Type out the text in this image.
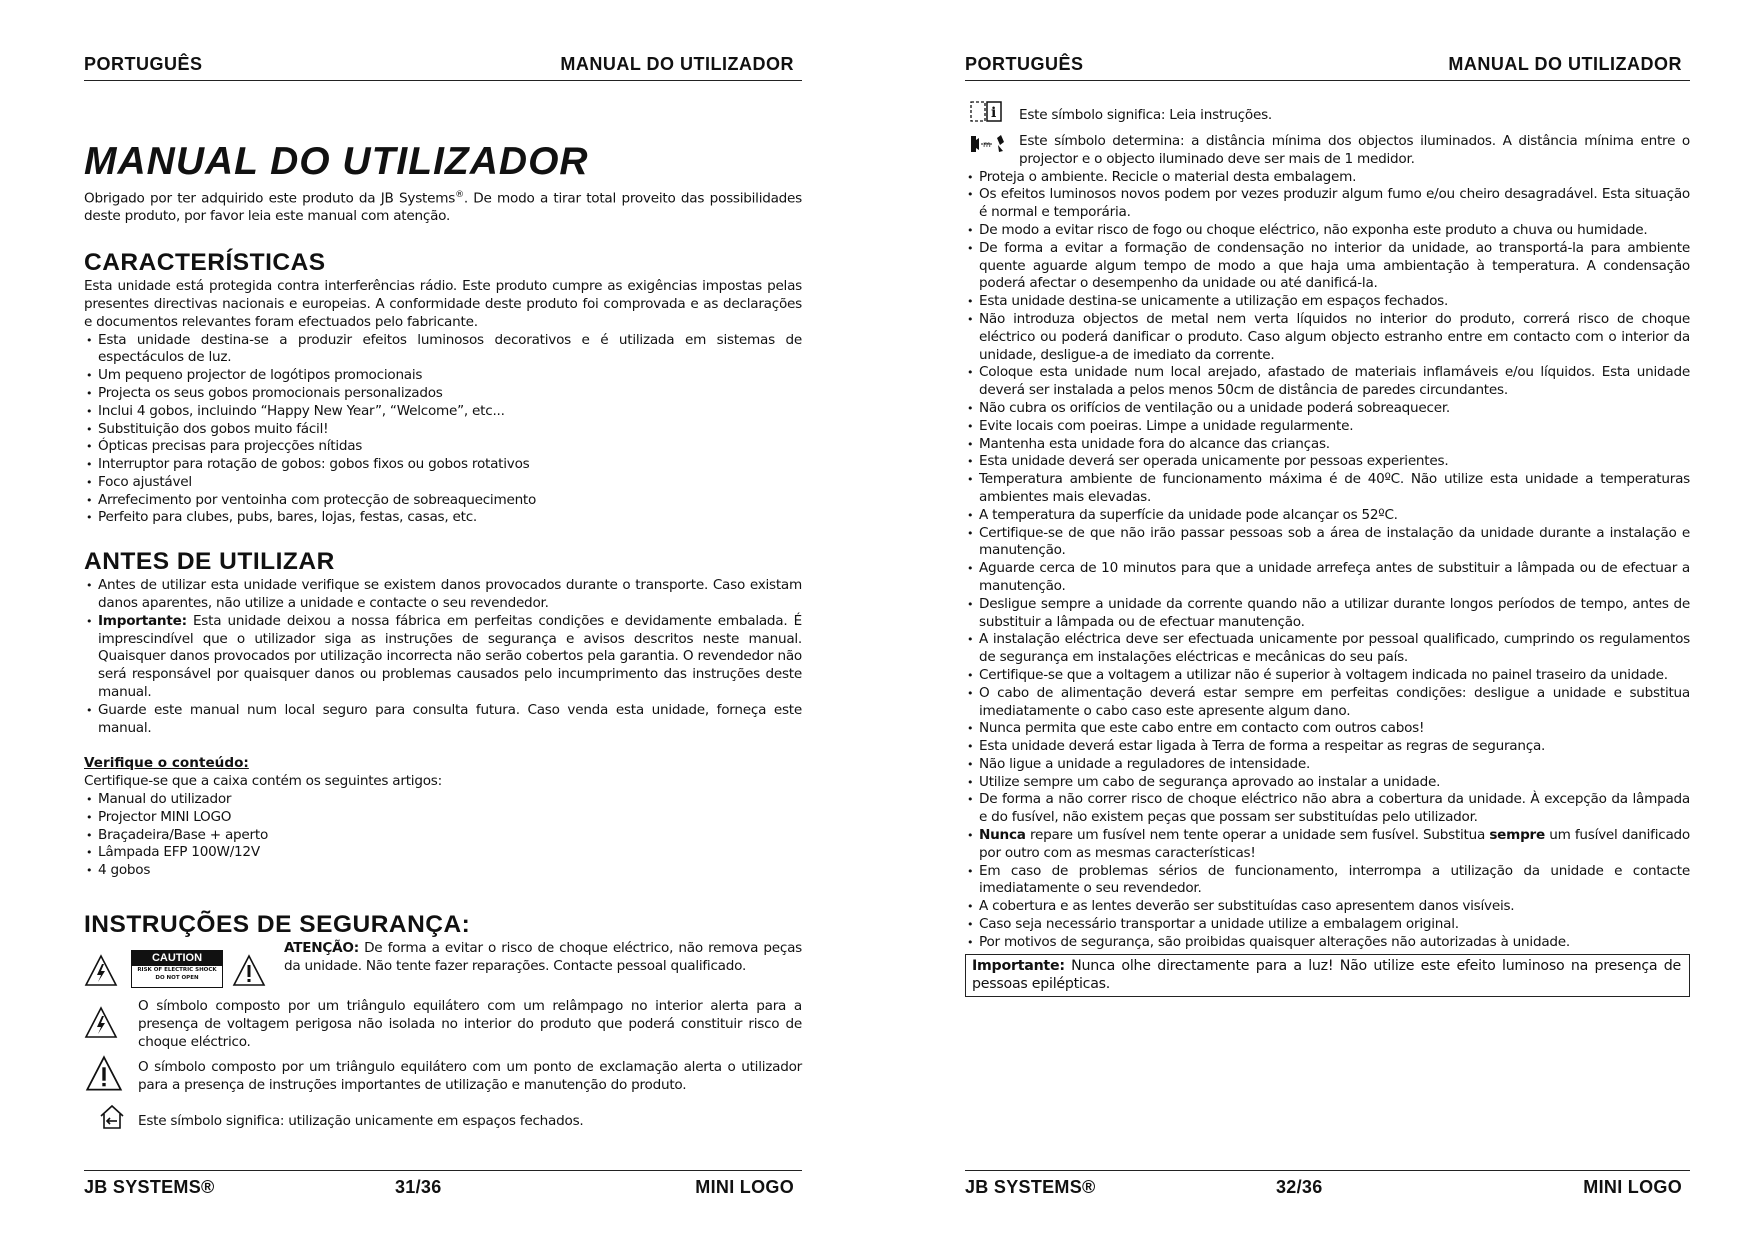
PORTUGUÊS	MANUAL DO UTILIZADOR
MANUAL DO UTILIZADOR

Obrigado por ter adquirido este produto da JB Systems®. De modo a tirar total proveito das possibilidades deste produto, por favor leia este manual com atenção.

CARACTERÍSTICAS

Esta unidade está protegida contra interferências rádio. Este produto cumpre as exigências impostas pelas presentes directivas nacionais e europeias. A conformidade deste produto foi comprovada e as declarações e documentos relevantes foram efectuados pelo fabricante.

• Esta unidade destina-se a produzir efeitos luminosos decorativos e é utilizada em sistemas de espectáculos de luz.
• Um pequeno projector de logótipos promocionais
• Projecta os seus gobos promocionais personalizados
• Inclui 4 gobos, incluindo “Happy New Year”, “Welcome”, etc...
• Substituição dos gobos muito fácil!
• Ópticas precisas para projecções nítidas
• Interruptor para rotação de gobos: gobos fixos ou gobos rotativos
• Foco ajustável
• Arrefecimento por ventoinha com protecção de sobreaquecimento
• Perfeito para clubes, pubs, bares, lojas, festas, casas, etc.
ANTES DE UTILIZAR
• Antes de utilizar esta unidade verifique se existem danos provocados durante o transporte. Caso existam danos aparentes, não utilize a unidade e contacte o seu revendedor.
• Importante: Esta unidade deixou a nossa fábrica em perfeitas condições e devidamente embalada. É imprescindível que o utilizador siga as instruções de segurança e avisos descritos neste manual. Quaisquer danos provocados por utilização incorrecta não serão cobertos pela garantia. O revendedor não será responsável por quaisquer danos ou problemas causados pelo incumprimento das instruções deste manual.
• Guarde este manual num local seguro para consulta futura. Caso venda esta unidade, forneça este manual.
Verifique o conteúdo:

Certifique-se que a caixa contém os seguintes artigos:

• Manual do utilizador
• Projector MINI LOGO
• Braçadeira/Base + aperto
• Lâmpada EFP 100W/12V
• 4 gobos
INSTRUÇÕES DE SEGURANÇA:
CAUTION
RISK OF ELECTRIC SHOCK
DO NOT OPEN

ATENÇÃO: De forma a evitar o risco de choque eléctrico, não remova peças da unidade. Não tente fazer reparações. Contacte pessoal qualificado.

O símbolo composto por um triângulo equilátero com um relâmpago no interior alerta para a presença de voltagem perigosa não isolada no interior do produto que poderá constituir risco de choque eléctrico.

O símbolo composto por um triângulo equilátero com um ponto de exclamação alerta o utilizador para a presença de instruções importantes de utilização e manutenção do produto.

Este símbolo significa: utilização unicamente em espaços fechados.

JB SYSTEMS®	31/36	MINI LOGO
PORTUGUÊS	MANUAL DO UTILIZADOR
i Este símbolo significa: Leia instruções.

m Este símbolo determina: a distância mínima dos objectos iluminados. A distância mínima entre o projector e o objecto iluminado deve ser mais de 1 medidor.

• Proteja o ambiente. Recicle o material desta embalagem.
• Os efeitos luminosos novos podem por vezes produzir algum fumo e/ou cheiro desagradável. Esta situação é normal e temporária.
• De modo a evitar risco de fogo ou choque eléctrico, não exponha este produto a chuva ou humidade.
• De forma a evitar a formação de condensação no interior da unidade, ao transportá-la para ambiente quente aguarde algum tempo de modo a que haja uma ambientação à temperatura. A condensação poderá afectar o desempenho da unidade ou até danificá-la.
• Esta unidade destina-se unicamente a utilização em espaços fechados.
• Não introduza objectos de metal nem verta líquidos no interior do produto, correrá risco de choque eléctrico ou poderá danificar o produto. Caso algum objecto estranho entre em contacto com o interior da unidade, desligue-a de imediato da corrente.
• Coloque esta unidade num local arejado, afastado de materiais inflamáveis e/ou líquidos. Esta unidade deverá ser instalada a pelos menos 50cm de distância de paredes circundantes.
• Não cubra os orifícios de ventilação ou a unidade poderá sobreaquecer.
• Evite locais com poeiras. Limpe a unidade regularmente.
• Mantenha esta unidade fora do alcance das crianças.
• Esta unidade deverá ser operada unicamente por pessoas experientes.
• Temperatura ambiente de funcionamento máxima é de 40ºC. Não utilize esta unidade a temperaturas ambientes mais elevadas.
• A temperatura da superfície da unidade pode alcançar os 52ºC.
• Certifique-se de que não irão passar pessoas sob a área de instalação da unidade durante a instalação e manutenção.
• Aguarde cerca de 10 minutos para que a unidade arrefeça antes de substituir a lâmpada ou de efectuar a manutenção.
• Desligue sempre a unidade da corrente quando não a utilizar durante longos períodos de tempo, antes de substituir a lâmpada ou de efectuar manutenção.
• A instalação eléctrica deve ser efectuada unicamente por pessoal qualificado, cumprindo os regulamentos de segurança em instalações eléctricas e mecânicas do seu país.
• Certifique-se que a voltagem a utilizar não é superior à voltagem indicada no painel traseiro da unidade.
• O cabo de alimentação deverá estar sempre em perfeitas condições: desligue a unidade e substitua imediatamente o cabo caso este apresente algum dano.
• Nunca permita que este cabo entre em contacto com outros cabos!
• Esta unidade deverá estar ligada à Terra de forma a respeitar as regras de segurança.
• Não ligue a unidade a reguladores de intensidade.
• Utilize sempre um cabo de segurança aprovado ao instalar a unidade.
• De forma a não correr risco de choque eléctrico não abra a cobertura da unidade. À excepção da lâmpada e do fusível, não existem peças que possam ser substituídas pelo utilizador.
• Nunca repare um fusível nem tente operar a unidade sem fusível. Substitua sempre um fusível danificado por outro com as mesmas características!
• Em caso de problemas sérios de funcionamento, interrompa a utilização da unidade e contacte imediatamente o seu revendedor.
• A cobertura e as lentes deverão ser substituídas caso apresentem danos visíveis.
• Caso seja necessário transportar a unidade utilize a embalagem original.
• Por motivos de segurança, são proibidas quaisquer alterações não autorizadas à unidade.

Importante: Nunca olhe directamente para a luz! Não utilize este efeito luminoso na presença de pessoas epilépticas.

JB SYSTEMS®	32/36	MINI LOGO
